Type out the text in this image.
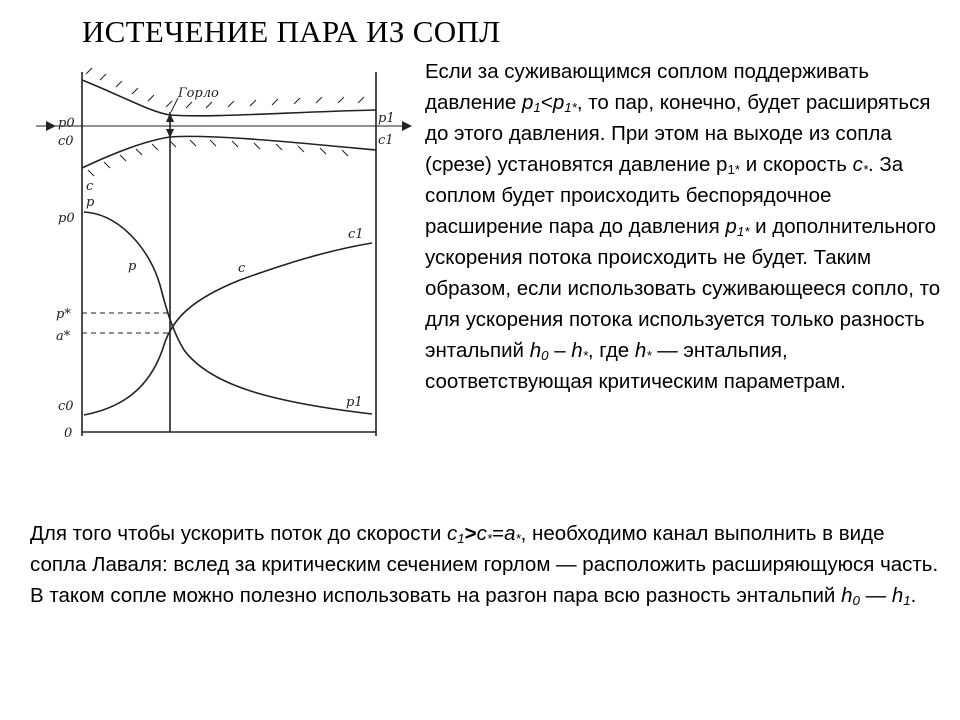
ИСТЕЧЕНИЕ ПАРА ИЗ СОПЛ
Горло
p0
c0
p1
c1
c
p
p0
c1
p	c
p*
a*
c0
0
p1
Если за суживающимся соплом поддерживать давление $p_1<p_{1*}$, то пар, конечно, будет расширяться до этого давления. При этом на выходе из сопла (срезе) установятся давление $p_{1*}$ и скорость $c_*$. За соплом будет происходить беспорядочное расширение пара до давления $p_{1*}$ и дополнительного ускорения потока происходить не будет. Таким образом, если использовать суживающееся сопло, то для ускорения потока используется только разность энтальпий $h_0 - h_*$, где $h_*$ — энтальпия, соответствующая критическим параметрам.
Для того чтобы ускорить поток до скорости $c_1>c_*=a_*$, необходимо канал выполнить в виде сопла Лаваля: вслед за критическим сечением горлом — расположить расширяющуюся часть. В таком сопле можно полезно использовать на разгон пара всю разность энтальпий $h_0$ — $h_1$.
